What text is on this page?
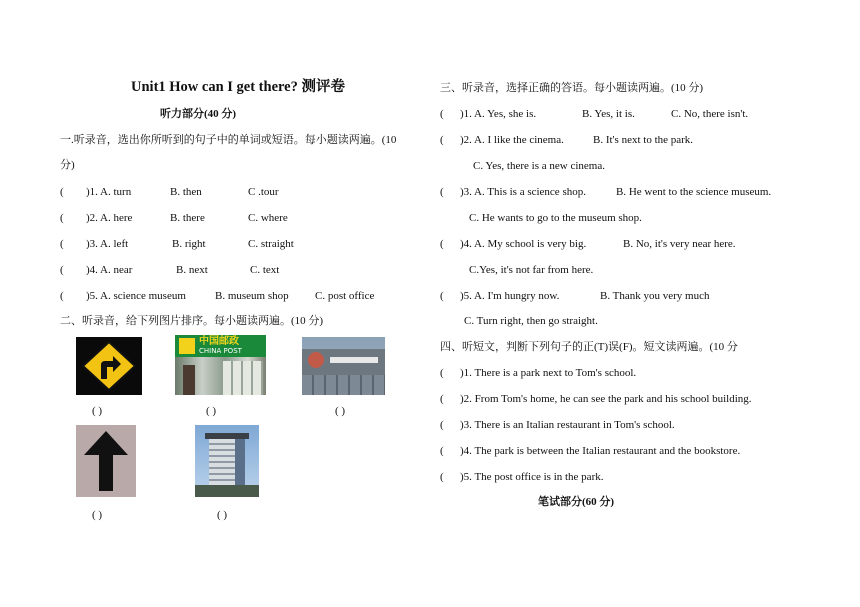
Unit1 How can I get there? 测评卷
听力部分(40 分)
一.听录音，选出你所听到的句子中的单词或短语。每小题读两遍。(10
分)
( )1. A. turn	B. then	C .tour
( )2. A. here	B. there	C. where
( )3. A. left	B. right	C. straight
( )4. A. near	B. next	C. text
( )5. A. science museum	B. museum shop C. post office
二、听录音，给下列图片排序。每小题读两遍。(10 分)
( )
中国邮政
CHINA POST
( )	( )
( )	( )
三、听录音，选择正确的答语。每小题读两遍。(10 分)
( )1. A. Yes, she is.	B. Yes, it is.	C. No, there isn't.
( )2. A. I like the cinema.	B. It's next to the park.
C. Yes, there is a new cinema.
( )3. A. This is a science shop.	B. He went to the science museum.
C. He wants to go to the museum shop.
( )4. A. My school is very big.	B. No, it's very near here.
C.Yes, it's not far from here.
( )5. A. I'm hungry now.	B. Thank you very much
C. Turn right, then go straight.
四、听短文，判断下列句子的正(T)误(F)。短文读两遍。(10 分
( )1. There is a park next to Tom's school.
( )2. From Tom's home, he can see the park and his school building.
( )3. There is an Italian restaurant in Tom's school.
( )4. The park is between the Italian restaurant and the bookstore.
( )5. The post office is in the park.
笔试部分(60 分)
